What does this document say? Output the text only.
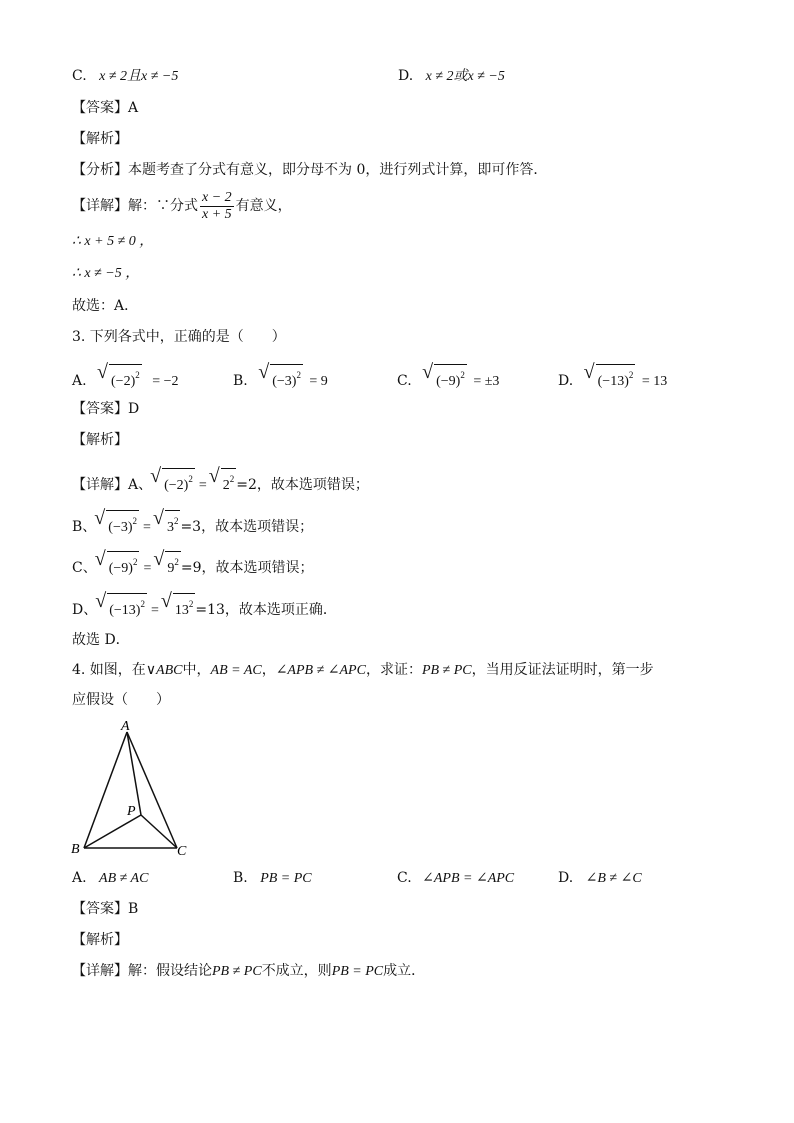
C. x ≠ 2且x ≠ −5	D. x ≠ 2或x ≠ −5
【答案】A
【解析】
【分析】本题考查了分式有意义，即分母不为 0，进行列式计算，即可作答．
【详解】解：∵分式 $\frac{x - 2}{x + 5}$ 有意义，
∴ x + 5 ≠ 0 ，
∴ x ≠ −5 ，
故选：A．
3. 下列各式中，正确的是（　　）
A. √ $(-2)^2 = -2$	B. √ $(-3)^2 = 9$	C. √ $(-9)^2 = \pm 3$	D. √ $(-13)^2 = 13$
【答案】D
【解析】
【详解】A、 √ $(-2)^2$ = √ $2^2 =2$，故本选项错误；
B、 √ $(-3)^2$ = √ $3^2 =3$，故本选项错误；
C、 √ $(-9)^2$ = √ $9^2 =9$，故本选项错误；
D、 √ $(-13)^2$ = √ $13^2 =13$，故本选项正确．
故选 D．
4. 如图，在∨ABC中，AB = AC，∠APB ≠ ∠APC，求证：PB ≠ PC，当用反证法证明时，第一步
应假设（　　）
A
B	C
P
A. AB ≠ AC	B. PB = PC	C. ∠APB = ∠APC	D. ∠B ≠ ∠C
【答案】B
【解析】
【详解】解：假设结论PB ≠ PC不成立，则PB = PC成立．
